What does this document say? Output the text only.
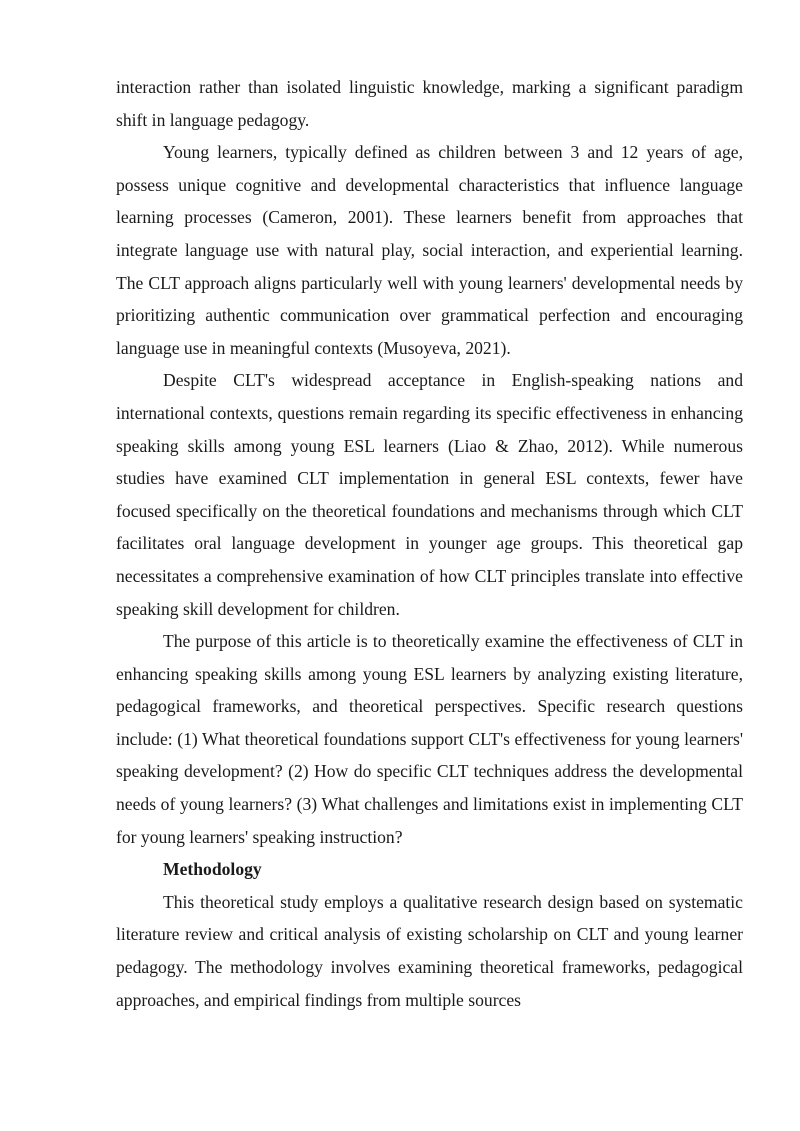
interaction rather than isolated linguistic knowledge, marking a significant paradigm shift in language pedagogy.

Young learners, typically defined as children between 3 and 12 years of age, possess unique cognitive and developmental characteristics that influence language learning processes (Cameron, 2001). These learners benefit from approaches that integrate language use with natural play, social interaction, and experiential learning. The CLT approach aligns particularly well with young learners' developmental needs by prioritizing authentic communication over grammatical perfection and encouraging language use in meaningful contexts (Musoyeva, 2021).

Despite CLT's widespread acceptance in English-speaking nations and international contexts, questions remain regarding its specific effectiveness in enhancing speaking skills among young ESL learners (Liao & Zhao, 2012). While numerous studies have examined CLT implementation in general ESL contexts, fewer have focused specifically on the theoretical foundations and mechanisms through which CLT facilitates oral language development in younger age groups. This theoretical gap necessitates a comprehensive examination of how CLT principles translate into effective speaking skill development for children.

The purpose of this article is to theoretically examine the effectiveness of CLT in enhancing speaking skills among young ESL learners by analyzing existing literature, pedagogical frameworks, and theoretical perspectives. Specific research questions include: (1) What theoretical foundations support CLT's effectiveness for young learners' speaking development? (2) How do specific CLT techniques address the developmental needs of young learners? (3) What challenges and limitations exist in implementing CLT for young learners' speaking instruction?

Methodology

This theoretical study employs a qualitative research design based on systematic literature review and critical analysis of existing scholarship on CLT and young learner pedagogy. The methodology involves examining theoretical frameworks, pedagogical approaches, and empirical findings from multiple sources
